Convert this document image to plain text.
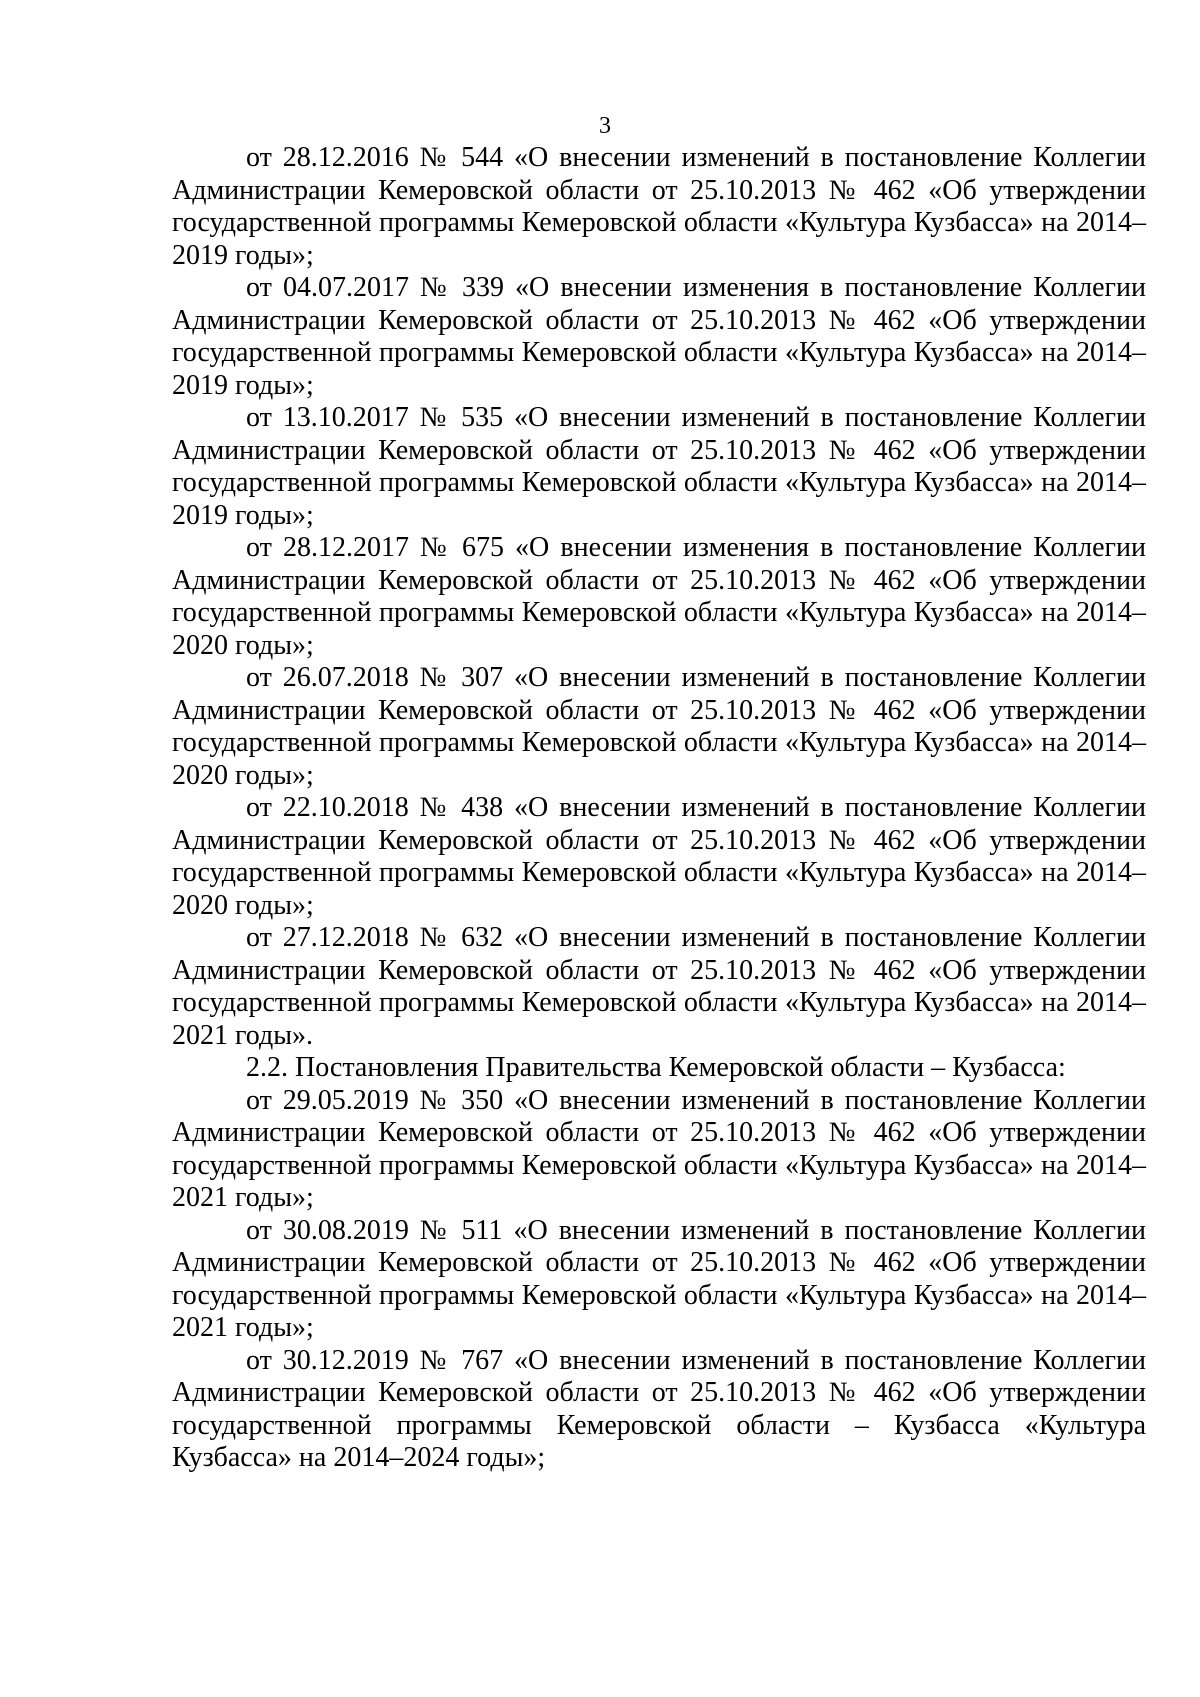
3

от 28.12.2016 № 544 «О внесении изменений в постановление Коллегии Администрации Кемеровской области от 25.10.2013 № 462 «Об утверждении государственной программы Кемеровской области «Культура Кузбасса» на 2014–2019 годы»;

от 04.07.2017 № 339 «О внесении изменения в постановление Коллегии Администрации Кемеровской области от 25.10.2013 № 462 «Об утверждении государственной программы Кемеровской области «Культура Кузбасса» на 2014–2019 годы»;

от 13.10.2017 № 535 «О внесении изменений в постановление Коллегии Администрации Кемеровской области от 25.10.2013 № 462 «Об утверждении государственной программы Кемеровской области «Культура Кузбасса» на 2014–2019 годы»;

от 28.12.2017 № 675 «О внесении изменения в постановление Коллегии Администрации Кемеровской области от 25.10.2013 № 462 «Об утверждении государственной программы Кемеровской области «Культура Кузбасса» на 2014–2020 годы»;

от 26.07.2018 № 307 «О внесении изменений в постановление Коллегии Администрации Кемеровской области от 25.10.2013 № 462 «Об утверждении государственной программы Кемеровской области «Культура Кузбасса» на 2014–2020 годы»;

от 22.10.2018 № 438 «О внесении изменений в постановление Коллегии Администрации Кемеровской области от 25.10.2013 № 462 «Об утверждении государственной программы Кемеровской области «Культура Кузбасса» на 2014–2020 годы»;

от 27.12.2018 № 632 «О внесении изменений в постановление Коллегии Администрации Кемеровской области от 25.10.2013 № 462 «Об утверждении государственной программы Кемеровской области «Культура Кузбасса» на 2014–2021 годы».

2.2. Постановления Правительства Кемеровской области – Кузбасса:

от 29.05.2019 № 350 «О внесении изменений в постановление Коллегии Администрации Кемеровской области от 25.10.2013 № 462 «Об утверждении государственной программы Кемеровской области «Культура Кузбасса» на 2014–2021 годы»;

от 30.08.2019 № 511 «О внесении изменений в постановление Коллегии Администрации Кемеровской области от 25.10.2013 № 462 «Об утверждении государственной программы Кемеровской области «Культура Кузбасса» на 2014–2021 годы»;

от 30.12.2019 № 767 «О внесении изменений в постановление Коллегии Администрации Кемеровской области от 25.10.2013 № 462 «Об утверждении государственной программы Кемеровской области – Кузбасса «Культура Кузбасса» на 2014–2024 годы»;
